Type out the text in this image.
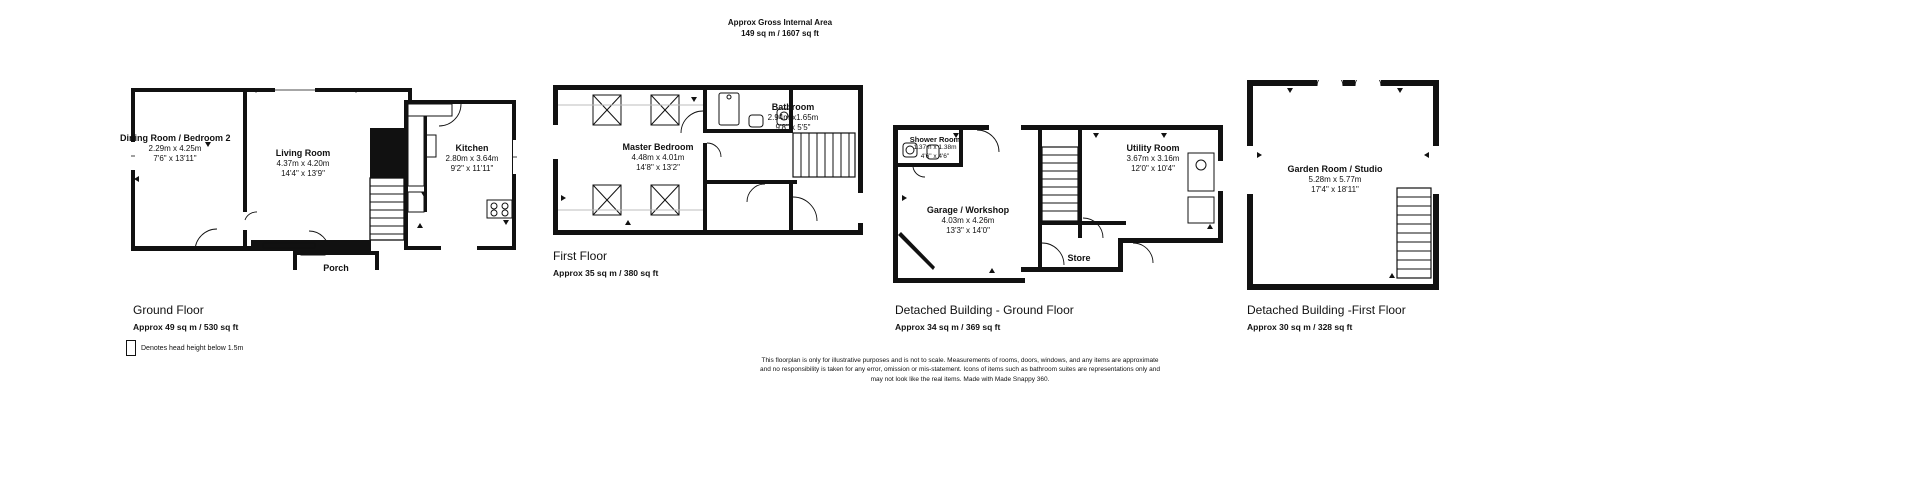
Approx Gross Internal Area
149 sq m / 1607 sq ft
Dining Room / Bedroom 2
2.29m x 4.25m
7'6" x 13'11"
Living Room
4.37m x 4.20m
14'4" x 13'9"
Kitchen
2.80m x 3.64m
9'2" x 11'11"
Porch
Ground Floor
Approx 49 sq m / 530 sq ft
Denotes head height below 1.5m
Master Bedroom
4.48m x 4.01m
14'8" x 13'2"
Bathroom
2.94m x1.65m
9'8" x 5'5"
First Floor
Approx 35 sq m / 380 sq ft
Shower Room
1.37m x 1.38m
4'6" x 4'6"
Garage / Workshop
4.03m x 4.26m
13'3" x 14'0"
Utility Room
3.67m x 3.16m
12'0" x 10'4"
Store
Detached Building - Ground Floor
Approx 34 sq m / 369 sq ft
Garden Room / Studio
5.28m x 5.77m
17'4" x 18'11"
Detached Building -First Floor
Approx 30 sq m / 328 sq ft
This floorplan is only for illustrative purposes and is not to scale. Measurements of rooms, doors, windows, and any items are approximate
and no responsibility is taken for any error, omission or mis-statement. Icons of items such as bathroom suites are representations only and
may not look like the real items. Made with Made Snappy 360.
